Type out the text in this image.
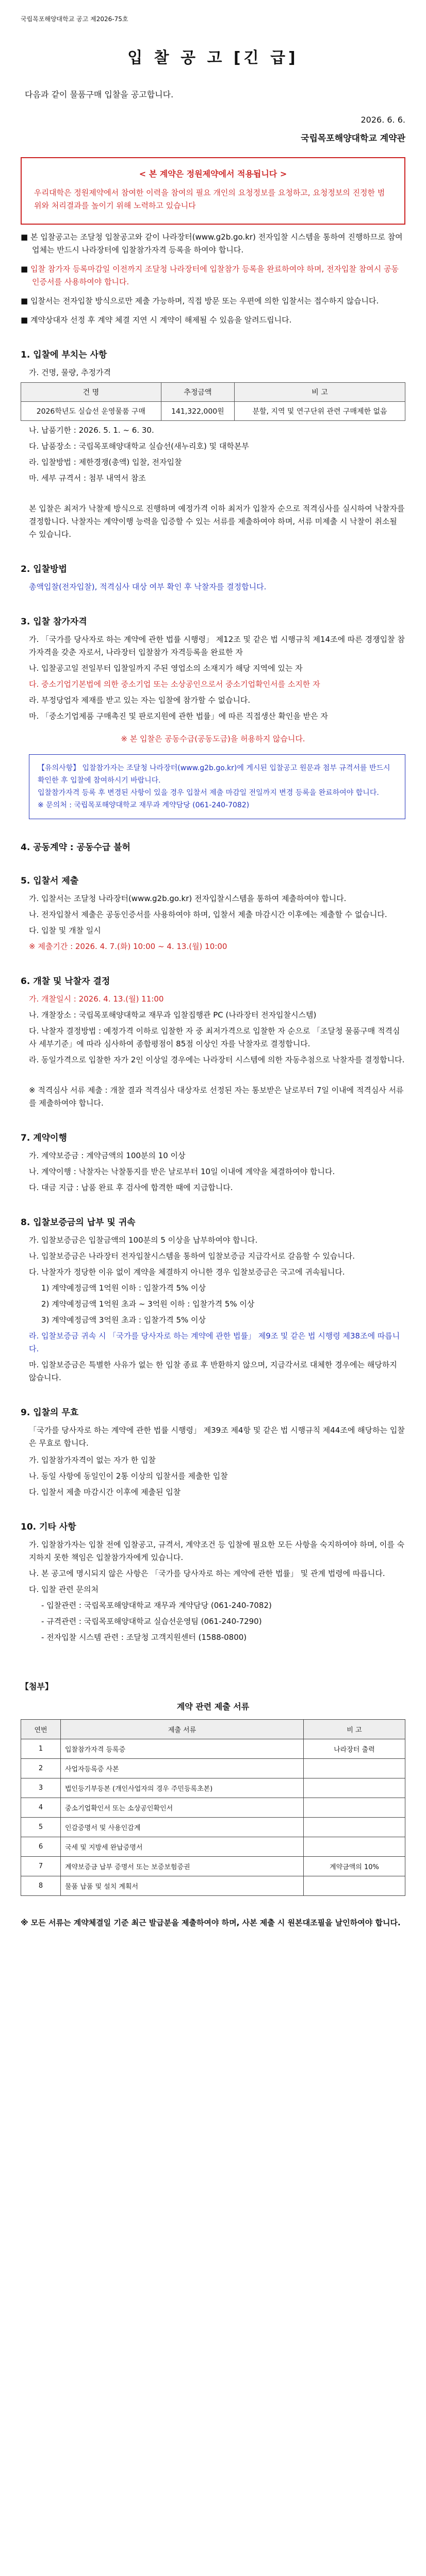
국립목포해양대학교 공고 제2026-75호
입 찰 공 고 [긴 급]
다음과 같이 물품구매 입찰을 공고합니다.
2026. 6. 6.
국립목포해양대학교 계약관
< 본 계약은 정원제약에서 적용됩니다 >

우리대학은 정원제약에서 참여한 이력을 참여의 필요 개인의 요청정보를 요청하고, 요청정보의 진정한 범위와 처리결과를 높이기 위해 노력하고 있습니다

■ 본 입찰공고는 조달청 입찰공고와 같이 나라장터(www.g2b.go.kr) 전자입찰 시스템을 통하여 진행하므로 참여 업체는 반드시 나라장터에 입찰참가자격 등록을 하여야 합니다.

■ 입찰 참가자 등록마감일 이전까지 조달청 나라장터에 입찰참가 등록을 완료하여야 하며, 전자입찰 참여시 공동인증서를 사용하여야 합니다.

■ 입찰서는 전자입찰 방식으로만 제출 가능하며, 직접 방문 또는 우편에 의한 입찰서는 접수하지 않습니다.

■ 계약상대자 선정 후 계약 체결 지연 시 계약이 해제될 수 있음을 알려드립니다.

1. 입찰에 부치는 사항
가. 건명, 물량, 추정가격
건 명	추정금액	비 고
2026학년도 실습선 운영물품 구매	141,322,000원	분할, 지역 및 연구단위 관련 구매제한 없음
나. 납품기한 : 2026. 5. 1. ~ 6. 30.
다. 납품장소 : 국립목포해양대학교 실습선(새누리호) 및 대학본부
라. 입찰방법 : 제한경쟁(총액) 입찰, 전자입찰
마. 세부 규격서 : 첨부 내역서 참조
본 입찰은 최저가 낙찰제 방식으로 진행하며 예정가격 이하 최저가 입찰자 순으로 적격심사를 실시하여 낙찰자를 결정합니다. 낙찰자는 계약이행 능력을 입증할 수 있는 서류를 제출하여야 하며, 서류 미제출 시 낙찰이 취소될 수 있습니다.
2. 입찰방법
총액입찰(전자입찰), 적격심사 대상 여부 확인 후 낙찰자를 결정합니다.
3. 입찰 참가자격
가. 「국가를 당사자로 하는 계약에 관한 법률 시행령」 제12조 및 같은 법 시행규칙 제14조에 따른 경쟁입찰 참가자격을 갖춘 자로서, 나라장터 입찰참가 자격등록을 완료한 자
나. 입찰공고일 전일부터 입찰일까지 주된 영업소의 소재지가 해당 지역에 있는 자
다. 중소기업기본법에 의한 중소기업 또는 소상공인으로서 중소기업확인서를 소지한 자
라. 부정당업자 제재를 받고 있는 자는 입찰에 참가할 수 없습니다.
마. 「중소기업제품 구매촉진 및 판로지원에 관한 법률」에 따른 직접생산 확인을 받은 자
※ 본 입찰은 공동수급(공동도급)을 허용하지 않습니다.
【유의사항】 입찰참가자는 조달청 나라장터(www.g2b.go.kr)에 게시된 입찰공고 원문과 첨부 규격서를 반드시 확인한 후 입찰에 참여하시기 바랍니다.
입찰참가자격 등록 후 변경된 사항이 있을 경우 입찰서 제출 마감일 전일까지 변경 등록을 완료하여야 합니다.
※ 문의처 : 국립목포해양대학교 재무과 계약담당 (061-240-7082)
4. 공동계약 : 공동수급 불허
5. 입찰서 제출
가. 입찰서는 조달청 나라장터(www.g2b.go.kr) 전자입찰시스템을 통하여 제출하여야 합니다.
나. 전자입찰서 제출은 공동인증서를 사용하여야 하며, 입찰서 제출 마감시간 이후에는 제출할 수 없습니다.
다. 입찰 및 개찰 일시
※ 제출기간 : 2026. 4. 7.(화) 10:00 ~ 4. 13.(월) 10:00
6. 개찰 및 낙찰자 결정
가. 개찰일시 : 2026. 4. 13.(월) 11:00
나. 개찰장소 : 국립목포해양대학교 재무과 입찰집행관 PC (나라장터 전자입찰시스템)
다. 낙찰자 결정방법 : 예정가격 이하로 입찰한 자 중 최저가격으로 입찰한 자 순으로 「조달청 물품구매 적격심사 세부기준」에 따라 심사하여 종합평점이 85점 이상인 자를 낙찰자로 결정합니다.
라. 동일가격으로 입찰한 자가 2인 이상일 경우에는 나라장터 시스템에 의한 자동추첨으로 낙찰자를 결정합니다.
※ 적격심사 서류 제출 : 개찰 결과 적격심사 대상자로 선정된 자는 통보받은 날로부터 7일 이내에 적격심사 서류를 제출하여야 합니다.
7. 계약이행
가. 계약보증금 : 계약금액의 100분의 10 이상
나. 계약이행 : 낙찰자는 낙찰통지를 받은 날로부터 10일 이내에 계약을 체결하여야 합니다.
다. 대금 지급 : 납품 완료 후 검사에 합격한 때에 지급합니다.
8. 입찰보증금의 납부 및 귀속
가. 입찰보증금은 입찰금액의 100분의 5 이상을 납부하여야 합니다.
나. 입찰보증금은 나라장터 전자입찰시스템을 통하여 입찰보증금 지급각서로 갈음할 수 있습니다.
다. 낙찰자가 정당한 이유 없이 계약을 체결하지 아니한 경우 입찰보증금은 국고에 귀속됩니다.
1) 계약예정금액 1억원 이하 : 입찰가격 5% 이상
2) 계약예정금액 1억원 초과 ~ 3억원 이하 : 입찰가격 5% 이상
3) 계약예정금액 3억원 초과 : 입찰가격 5% 이상
라. 입찰보증금 귀속 시 「국가를 당사자로 하는 계약에 관한 법률」 제9조 및 같은 법 시행령 제38조에 따릅니다.
마. 입찰보증금은 특별한 사유가 없는 한 입찰 종료 후 반환하지 않으며, 지급각서로 대체한 경우에는 해당하지 않습니다.
9. 입찰의 무효
「국가를 당사자로 하는 계약에 관한 법률 시행령」 제39조 제4항 및 같은 법 시행규칙 제44조에 해당하는 입찰은 무효로 합니다.
가. 입찰참가자격이 없는 자가 한 입찰
나. 동일 사항에 동일인이 2통 이상의 입찰서를 제출한 입찰
다. 입찰서 제출 마감시간 이후에 제출된 입찰
10. 기타 사항
가. 입찰참가자는 입찰 전에 입찰공고, 규격서, 계약조건 등 입찰에 필요한 모든 사항을 숙지하여야 하며, 이를 숙지하지 못한 책임은 입찰참가자에게 있습니다.
나. 본 공고에 명시되지 않은 사항은 「국가를 당사자로 하는 계약에 관한 법률」 및 관계 법령에 따릅니다.
다. 입찰 관련 문의처
- 입찰관련 : 국립목포해양대학교 재무과 계약담당 (061-240-7082)
- 규격관련 : 국립목포해양대학교 실습선운영팀 (061-240-7290)
- 전자입찰 시스템 관련 : 조달청 고객지원센터 (1588-0800)
【첨부】
계약 관련 제출 서류
연번	제출 서류	비 고
1	입찰참가자격 등록증	나라장터 출력
2	사업자등록증 사본	
3	법인등기부등본 (개인사업자의 경우 주민등록초본)	
4	중소기업확인서 또는 소상공인확인서	
5	인감증명서 및 사용인감계	
6	국세 및 지방세 완납증명서	
7	계약보증금 납부 증명서 또는 보증보험증권	계약금액의 10%
8	물품 납품 및 설치 계획서	
※ 모든 서류는 계약체결일 기준 최근 발급분을 제출하여야 하며, 사본 제출 시 원본대조필을 날인하여야 합니다.
